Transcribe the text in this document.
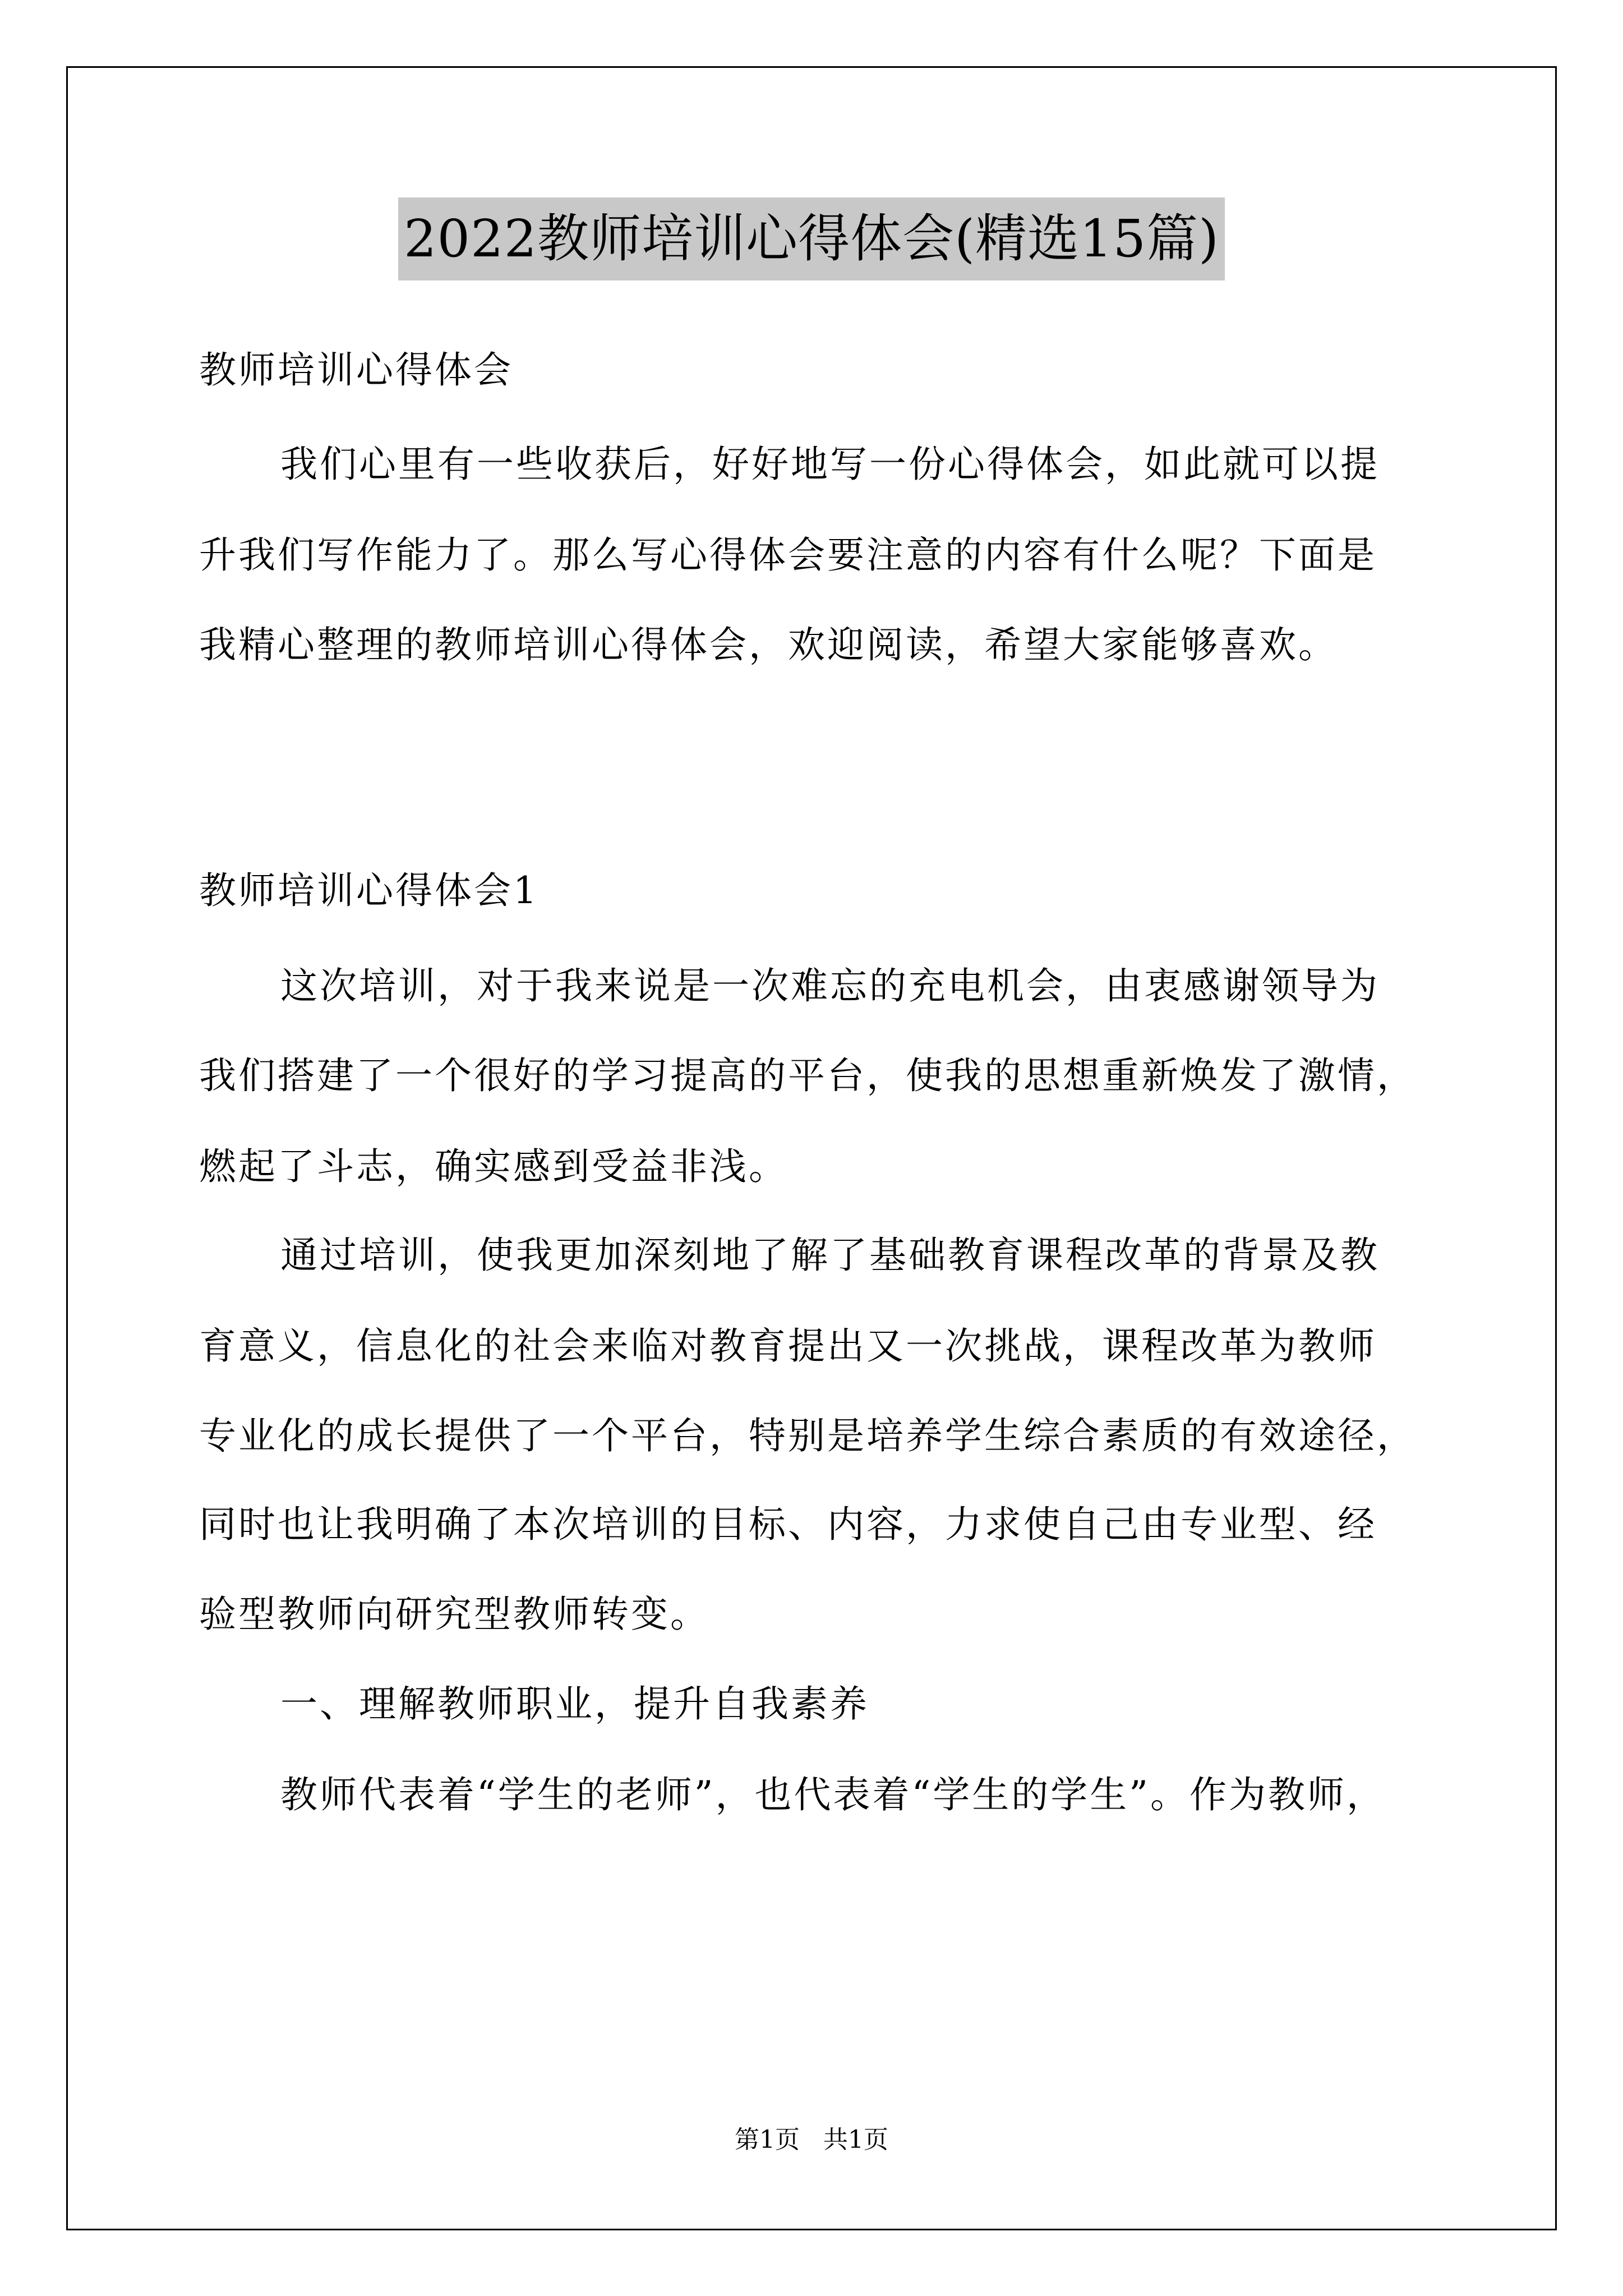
2022教师培训心得体会(精选15篇)
教师培训心得体会
我们心里有一些收获后，好好地写一份心得体会，如此就可以提
升我们写作能力了。那么写心得体会要注意的内容有什么呢？下面是
我精心整理的教师培训心得体会，欢迎阅读，希望大家能够喜欢。
教师培训心得体会1
这次培训，对于我来说是一次难忘的充电机会，由衷感谢领导为
我们搭建了一个很好的学习提高的平台，使我的思想重新焕发了激情，
燃起了斗志，确实感到受益非浅。
通过培训，使我更加深刻地了解了基础教育课程改革的背景及教
育意义，信息化的社会来临对教育提出又一次挑战，课程改革为教师
专业化的成长提供了一个平台，特别是培养学生综合素质的有效途径，
同时也让我明确了本次培训的目标、内容，力求使自己由专业型、经
验型教师向研究型教师转变。
一、理解教师职业，提升自我素养
教师代表着“学生的老师”，也代表着“学生的学生”。作为教师，
第1页   共1页
